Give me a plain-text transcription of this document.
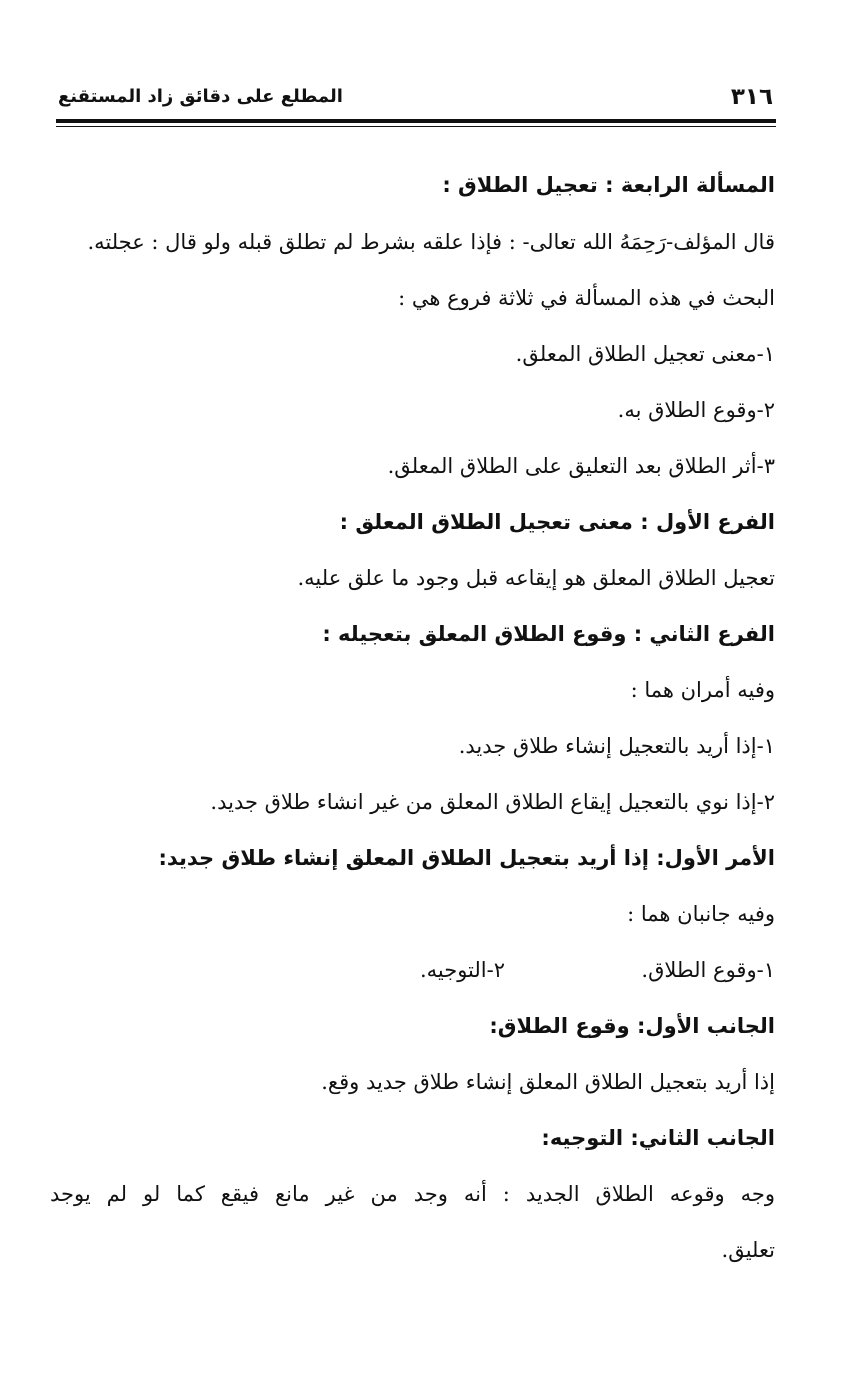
٣١٦
المطلع على دقائق زاد المستقنع
المسألة الرابعة : تعجيل الطلاق :
قال المؤلف-رَحِمَهُ الله تعالى- : فإذا علقه بشرط لم تطلق قبله ولو قال : عجلته.
البحث في هذه المسألة في ثلاثة فروع هي :
١-معنى تعجيل الطلاق المعلق.
٢-وقوع الطلاق به.
٣-أثر الطلاق بعد التعليق على الطلاق المعلق.
الفرع الأول : معنى تعجيل الطلاق المعلق :
تعجيل الطلاق المعلق هو إيقاعه قبل وجود ما علق عليه.
الفرع الثاني : وقوع الطلاق المعلق بتعجيله :
وفيه أمران هما :
١-إذا أريد بالتعجيل إنشاء طلاق جديد.
٢-إذا نوي بالتعجيل إيقاع الطلاق المعلق من غير انشاء طلاق جديد.
الأمر الأول: إذا أريد بتعجيل الطلاق المعلق إنشاء طلاق جديد:
وفيه جانبان هما :
١-وقوع الطلاق.
٢-التوجيه.
الجانب الأول: وقوع الطلاق:
إذا أريد بتعجيل الطلاق المعلق إنشاء طلاق جديد وقع.
الجانب الثاني: التوجيه:
وجه وقوعه الطلاق الجديد : أنه وجد من غير مانع فيقع كما لو لم يوجد
تعليق.
